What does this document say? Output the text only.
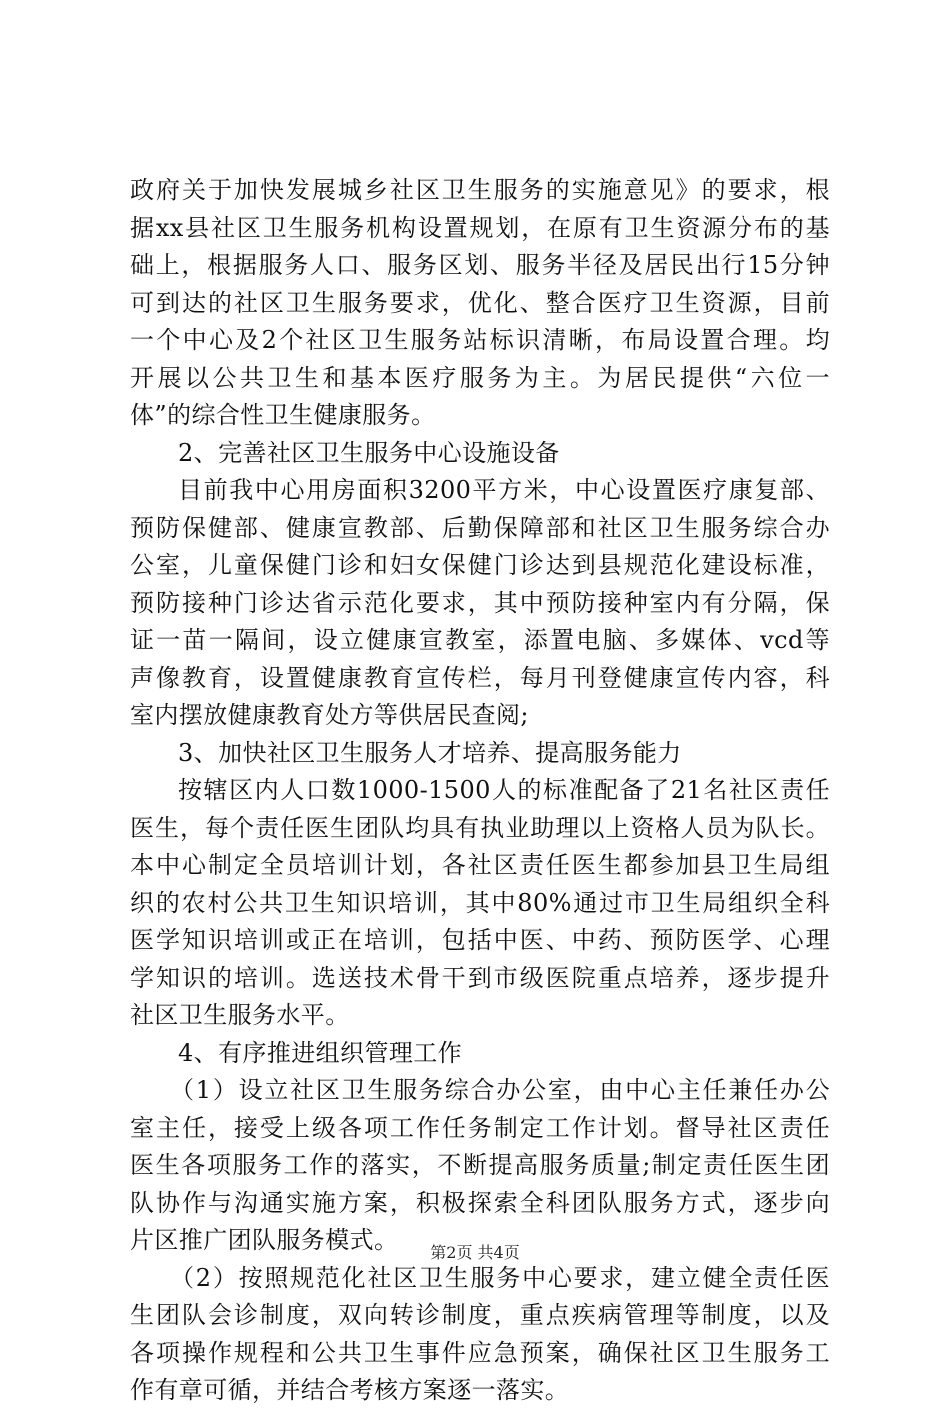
政府关于加快发展城乡社区卫生服务的实施意见》的要求，根
据xx县社区卫生服务机构设置规划，在原有卫生资源分布的基
础上，根据服务人口、服务区划、服务半径及居民出行15分钟
可到达的社区卫生服务要求，优化、整合医疗卫生资源，目前
一个中心及2个社区卫生服务站标识清晰，布局设置合理。均
开展以公共卫生和基本医疗服务为主。为居民提供“六位一
体”的综合性卫生健康服务。
2、完善社区卫生服务中心设施设备
目前我中心用房面积3200平方米，中心设置医疗康复部、
预防保健部、健康宣教部、后勤保障部和社区卫生服务综合办
公室，儿童保健门诊和妇女保健门诊达到县规范化建设标准，
预防接种门诊达省示范化要求，其中预防接种室内有分隔，保
证一苗一隔间，设立健康宣教室，添置电脑、多媒体、vcd等
声像教育，设置健康教育宣传栏，每月刊登健康宣传内容，科
室内摆放健康教育处方等供居民查阅;
3、加快社区卫生服务人才培养、提高服务能力
按辖区内人口数1000-1500人的标准配备了21名社区责任
医生，每个责任医生团队均具有执业助理以上资格人员为队长。
本中心制定全员培训计划，各社区责任医生都参加县卫生局组
织的农村公共卫生知识培训，其中80%通过市卫生局组织全科
医学知识培训或正在培训，包括中医、中药、预防医学、心理
学知识的培训。选送技术骨干到市级医院重点培养，逐步提升
社区卫生服务水平。
4、有序推进组织管理工作
（1）设立社区卫生服务综合办公室，由中心主任兼任办公
室主任，接受上级各项工作任务制定工作计划。督导社区责任
医生各项服务工作的落实，不断提高服务质量;制定责任医生团
队协作与沟通实施方案，积极探索全科团队服务方式，逐步向
片区推广团队服务模式。
（2）按照规范化社区卫生服务中心要求，建立健全责任医
生团队会诊制度，双向转诊制度，重点疾病管理等制度，以及
各项操作规程和公共卫生事件应急预案，确保社区卫生服务工
作有章可循，并结合考核方案逐一落实。
第2页 共4页
